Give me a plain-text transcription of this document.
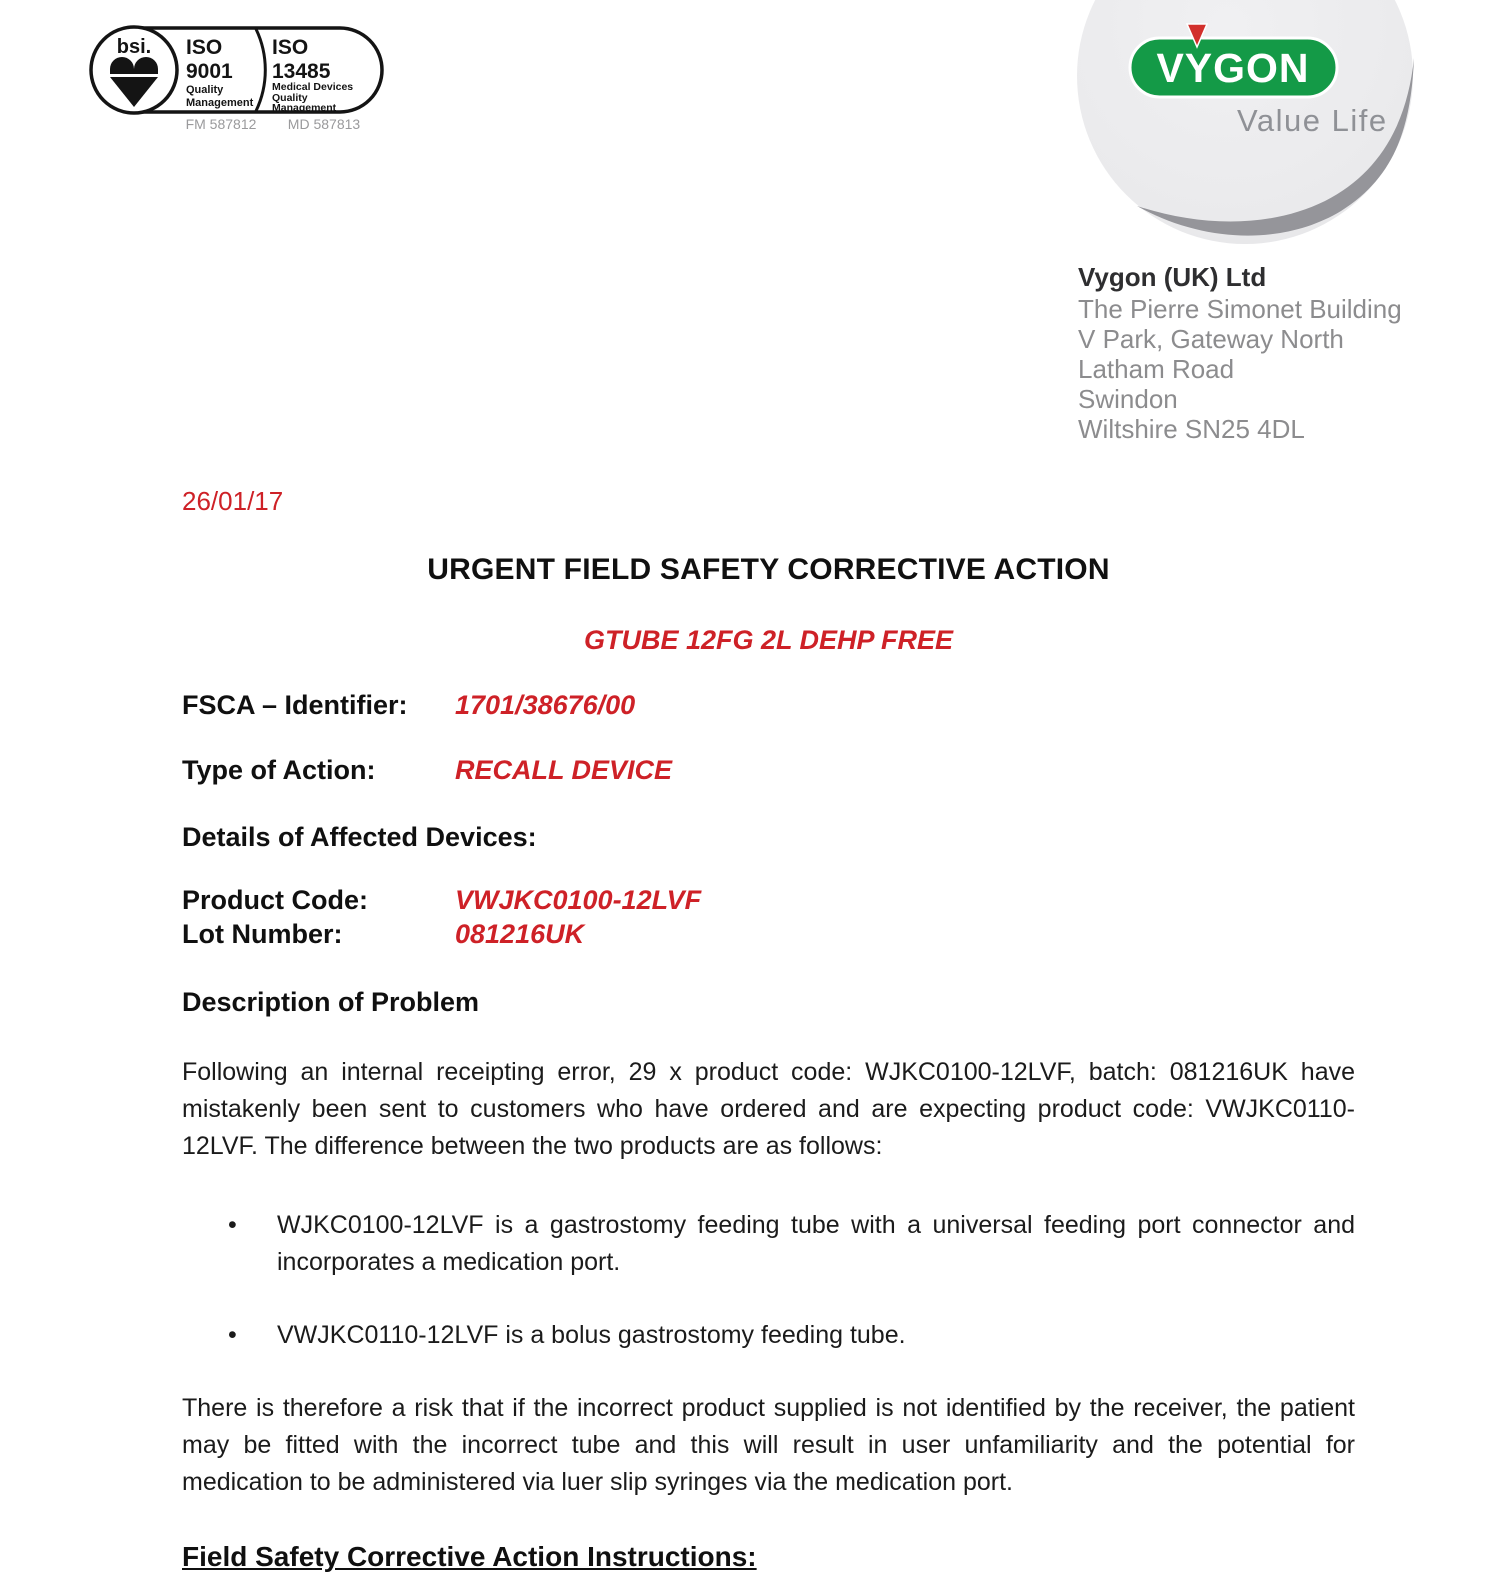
bsi. ISO
9001
Quality
Management
ISO
13485
Medical Devices
Quality
Management
FM 587812 MD 587813
VYGON
Value Life
Vygon (UK) Ltd
The Pierre Simonet Building
V Park, Gateway North
Latham Road
Swindon
Wiltshire SN25 4DL
26/01/17
URGENT FIELD SAFETY CORRECTIVE ACTION
GTUBE 12FG 2L DEHP FREE
FSCA – Identifier:	1701/38676/00
Type of Action:	RECALL DEVICE
Details of Affected Devices:
Product Code:	VWJKC0100-12LVF
Lot Number:	081216UK
Description of Problem
Following an internal receipting error, 29 x product code: WJKC0100-12LVF, batch: 081216UK have mistakenly been sent to customers who have ordered and are expecting product code: VWJKC0110-12LVF. The difference between the two products are as follows:
•
WJKC0100-12LVF is a gastrostomy feeding tube with a universal feeding port connector and incorporates a medication port.
•
VWJKC0110-12LVF is a bolus gastrostomy feeding tube.
There is therefore a risk that if the incorrect product supplied is not identified by the receiver, the patient may be fitted with the incorrect tube and this will result in user unfamiliarity and the potential for medication to be administered via luer slip syringes via the medication port.
Field Safety Corrective Action Instructions:
